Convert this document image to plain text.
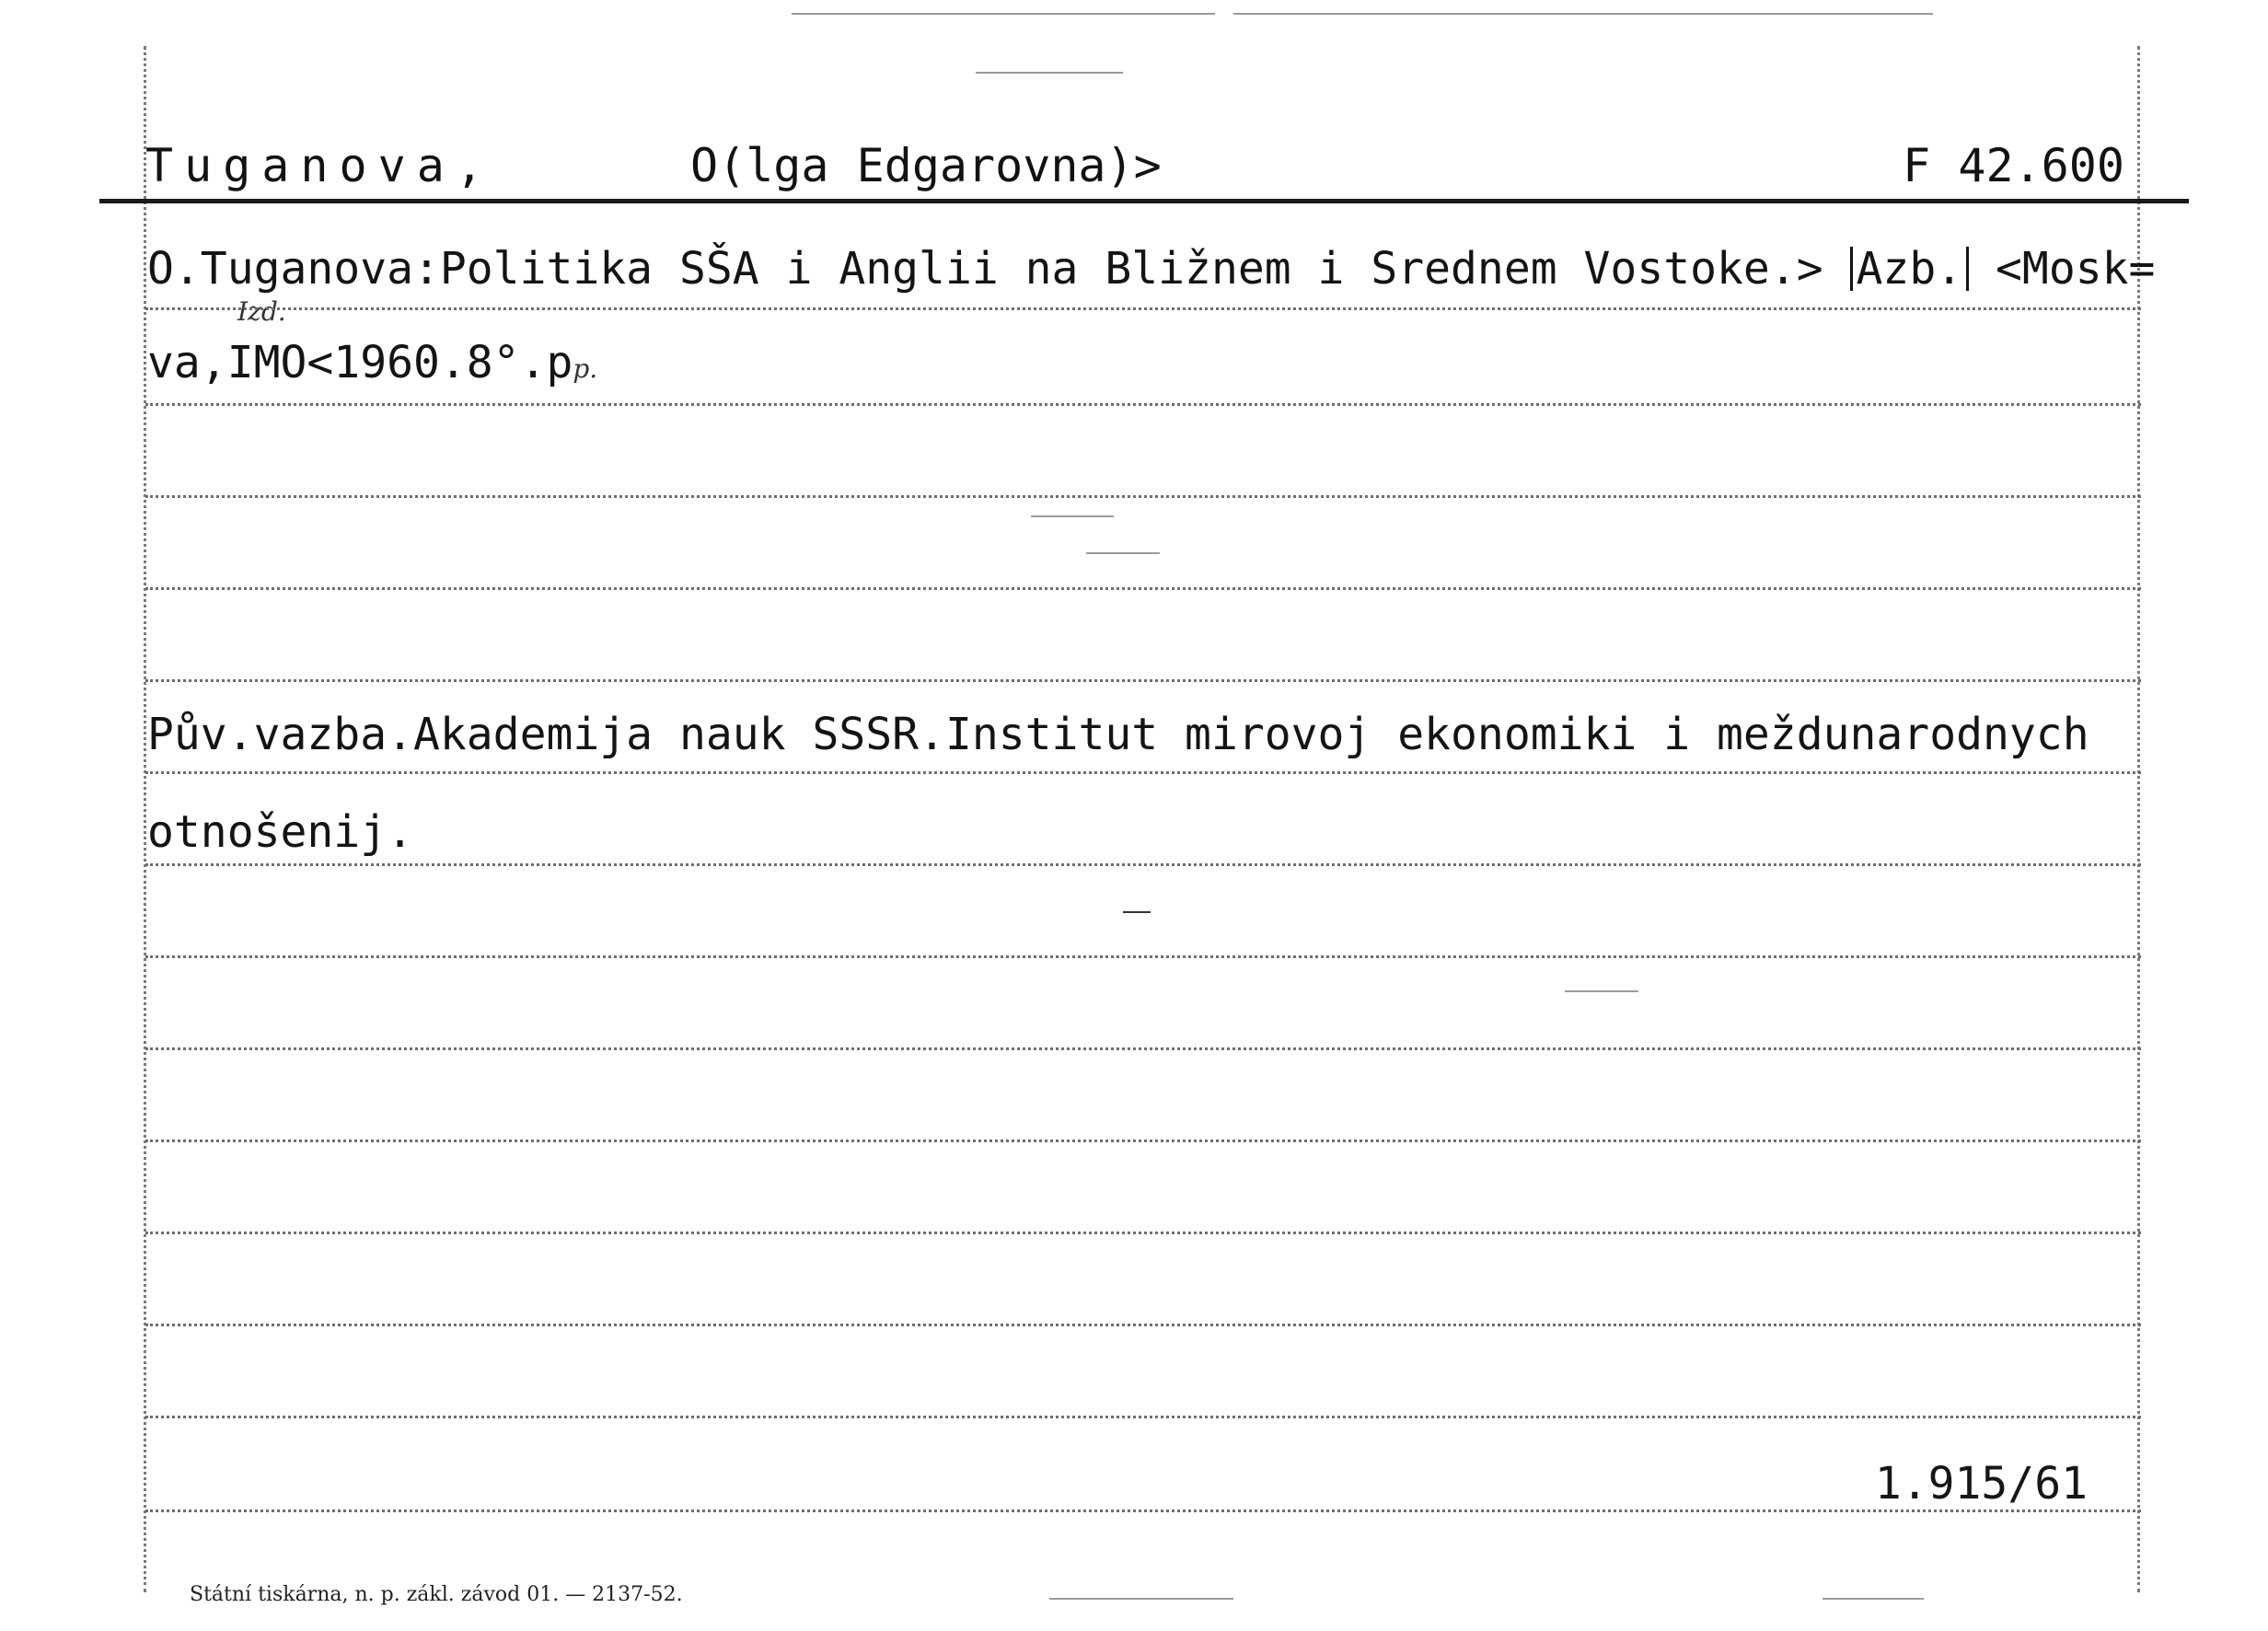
Tuganova,	O(lga Edgarovna)>	F 42.600
Izd.
O.Tuganova:Politika SŠA i Anglii na Bližnem i Srednem Vostoke.> Azb. <Mosk=
va,IMO<1960.8°.pp.
Pův.vazba.Akademija nauk SSSR.Institut mirovoj ekonomiki i meždunarodnych
otnošenij.
1.915/61
Státní tiskárna, n. p. zákl. závod 01. — 2137-52.
